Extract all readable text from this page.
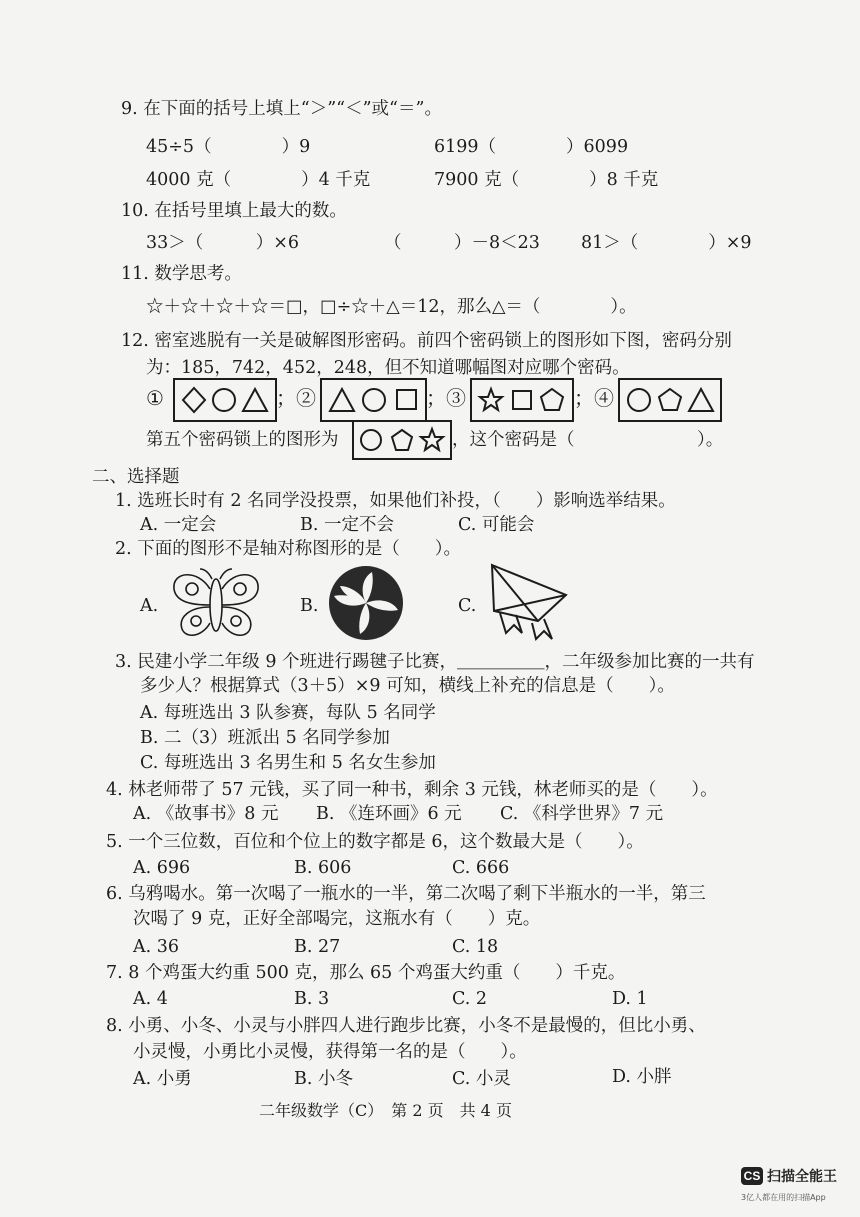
9. 在下面的括号上填上“＞”“＜”或“＝”。
45÷5（　　　　）9	6199（　　　　）6099
4000 克（　　　　）4 千克	7900 克（　　　　）8 千克
10. 在括号里填上最大的数。
33＞（　　　）×6	（　　　）－8＜23 81＞（　　　　）×9
11. 数学思考。
☆＋☆＋☆＋☆＝□，□÷☆＋△＝12，那么△＝（　　　　）。
12. 密室逃脱有一关是破解图形密码。前四个密码锁上的图形如下图，密码分别
为：185，742，452，248，但不知道哪幅图对应哪个密码。
①	；②	；③	；④
第五个密码锁上的图形为	，这个密码是（　　　　　　　）。
二、选择题
1. 选班长时有 2 名同学没投票，如果他们补投，（　　）影响选举结果。
A. 一定会	B. 一定不会	C. 可能会
2. 下面的图形不是轴对称图形的是（　　）。
A.	B.	C.
3. 民建小学二年级 9 个班进行踢毽子比赛，＿＿＿＿＿，二年级参加比赛的一共有
多少人？根据算式（3＋5）×9 可知，横线上补充的信息是（　　）。
A. 每班选出 3 队参赛，每队 5 名同学
B. 二（3）班派出 5 名同学参加
C. 每班选出 3 名男生和 5 名女生参加
4. 林老师带了 57 元钱，买了同一种书，剩余 3 元钱，林老师买的是（　　）。
A. 《故事书》8 元 B. 《连环画》6 元 C. 《科学世界》7 元
5. 一个三位数，百位和个位上的数字都是 6，这个数最大是（　　）。
A. 696	B. 606	C. 666
6. 乌鸦喝水。第一次喝了一瓶水的一半，第二次喝了剩下半瓶水的一半，第三
次喝了 9 克，正好全部喝完，这瓶水有（　　）克。
A. 36	B. 27	C. 18
7. 8 个鸡蛋大约重 500 克，那么 65 个鸡蛋大约重（　　）千克。
A. 4	B. 3	C. 2	D. 1
8. 小勇、小冬、小灵与小胖四人进行跑步比赛，小冬不是最慢的，但比小勇、
小灵慢，小勇比小灵慢，获得第一名的是（　　）。
A. 小勇	B. 小冬	C. 小灵	D. 小胖
二年级数学（C）　第 2 页　共 4 页
CS 扫描全能王
3亿人都在用的扫描App
